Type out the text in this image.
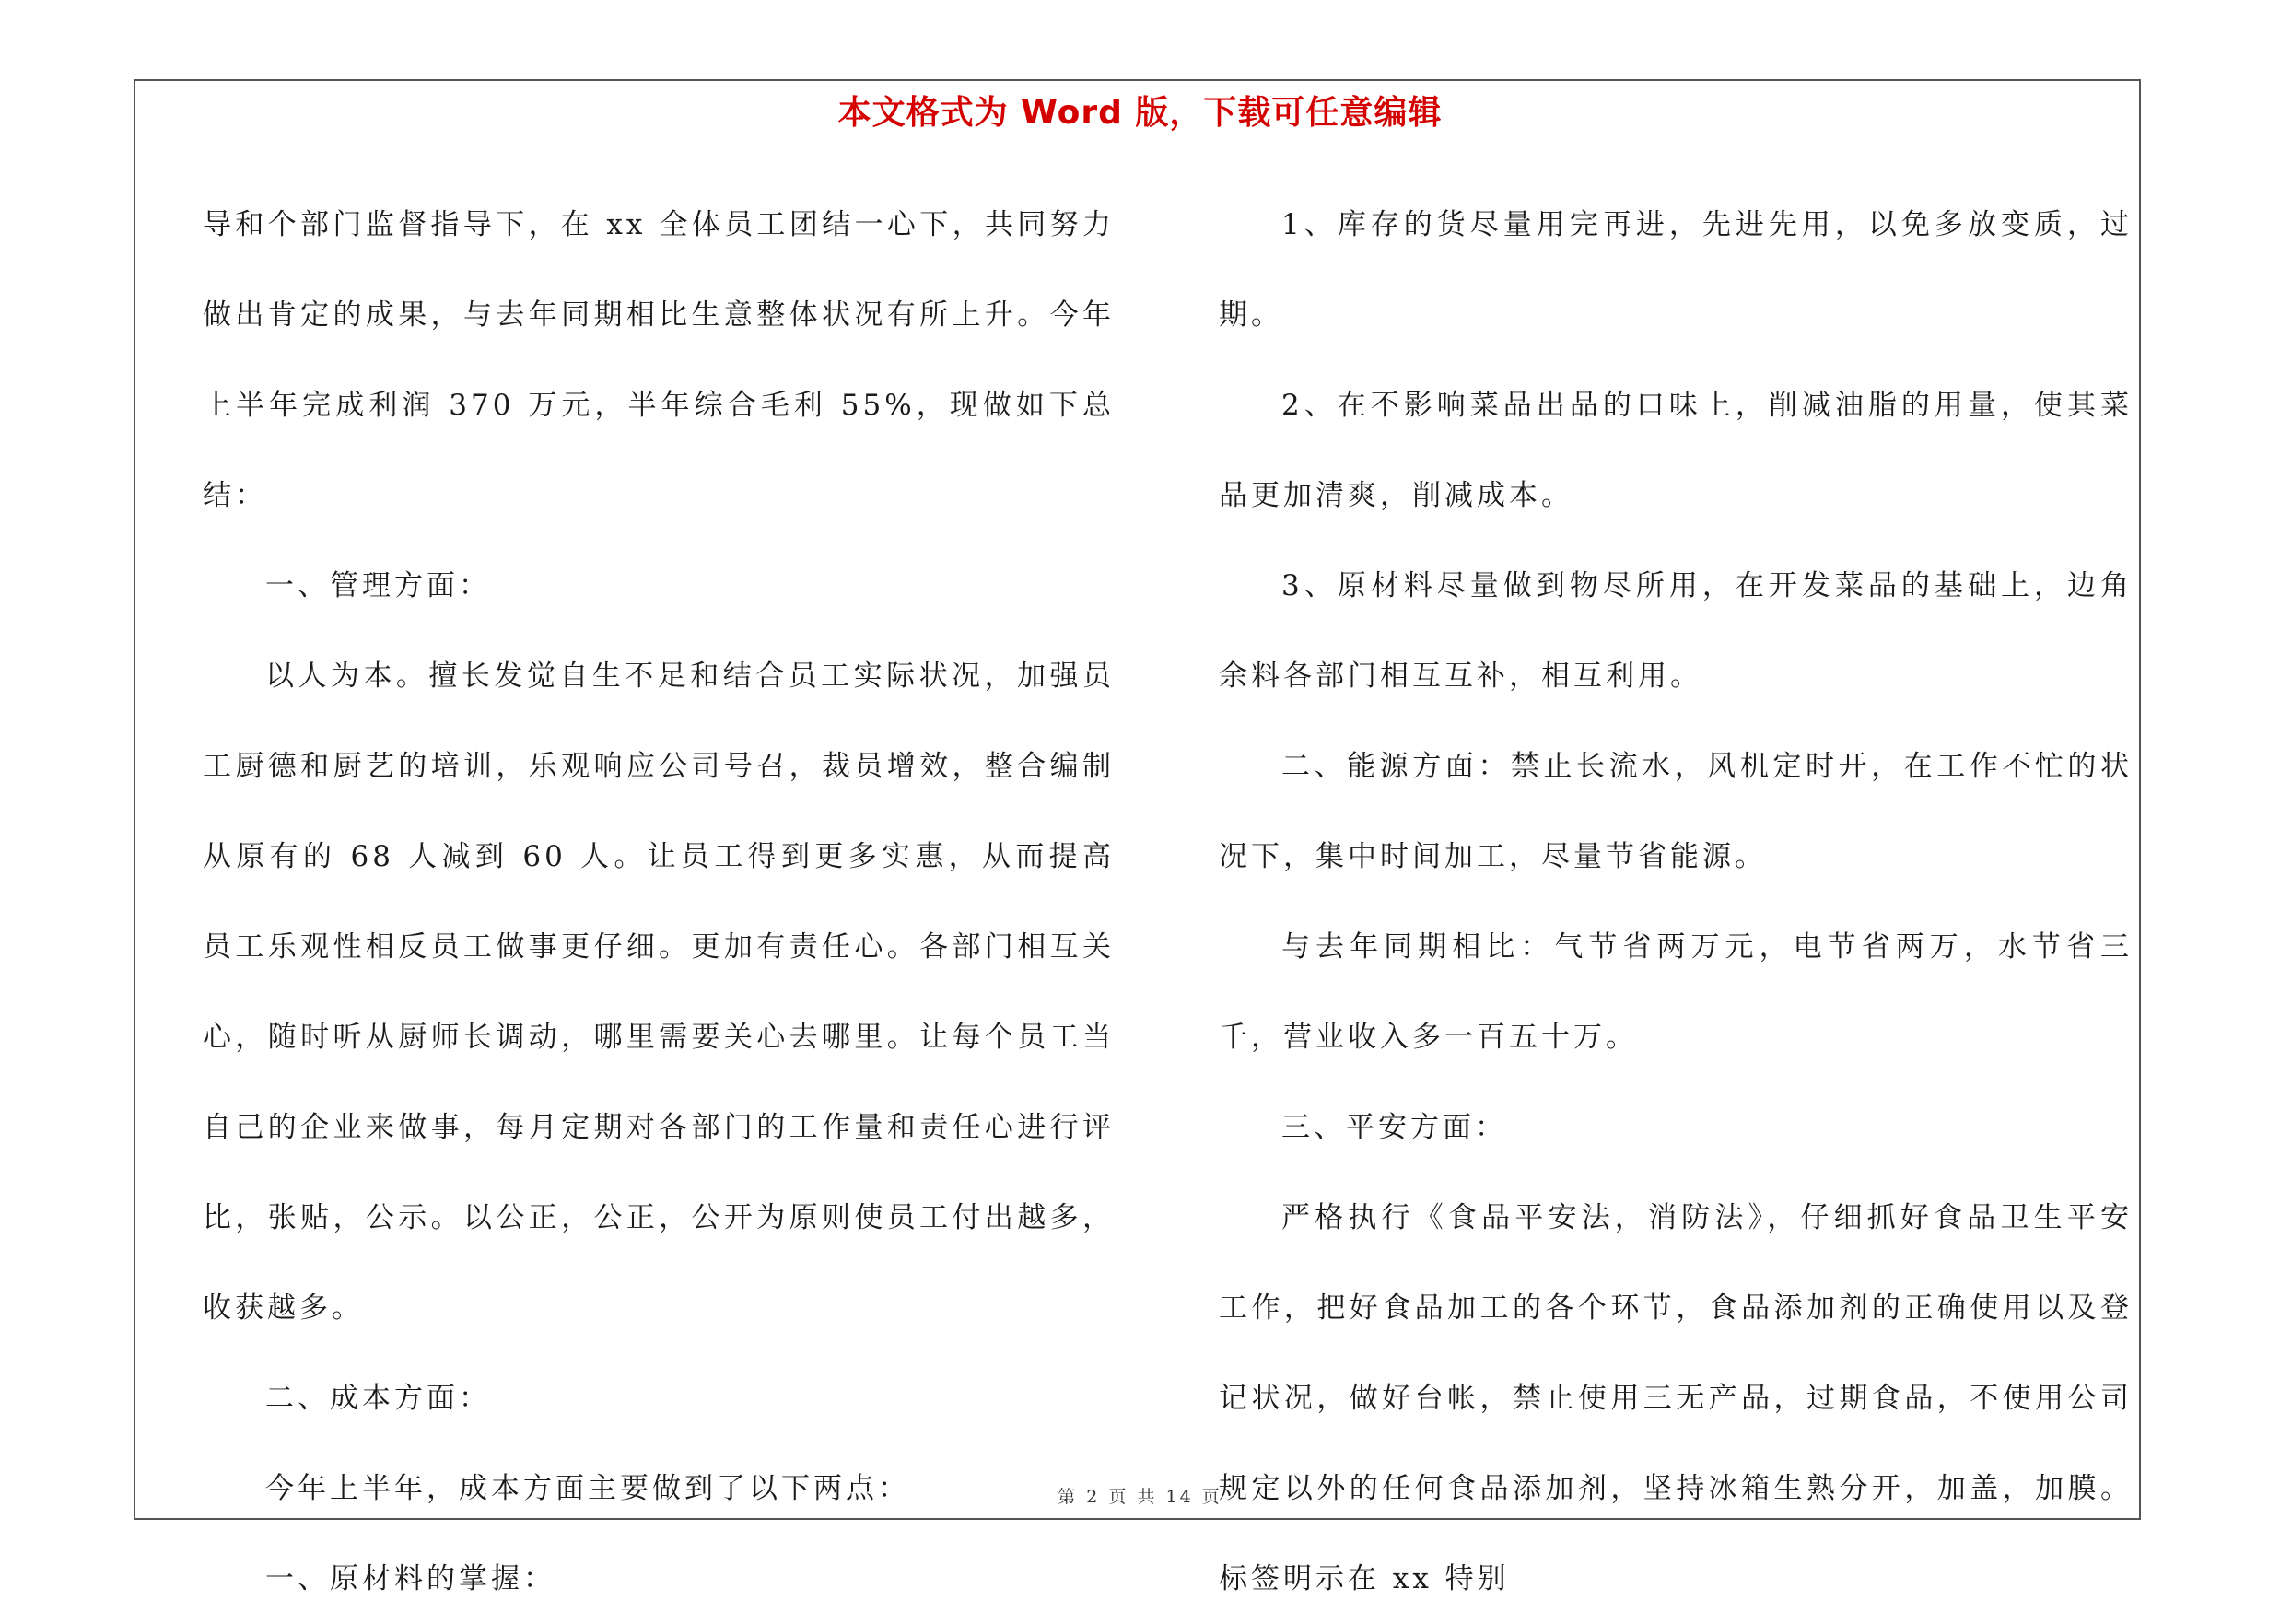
本文格式为 Word 版，下载可任意编辑

导和个部门监督指导下，在 xx 全体员工团结一心下，共同努力做出肯定的成果，与去年同期相比生意整体状况有所上升。今年上半年完成利润 370 万元，半年综合毛利 55%，现做如下总结：

一、管理方面：

以人为本。擅长发觉自生不足和结合员工实际状况，加强员工厨德和厨艺的培训，乐观响应公司号召，裁员增效，整合编制从原有的 68 人减到 60 人。让员工得到更多实惠，从而提高员工乐观性相反员工做事更仔细。更加有责任心。各部门相互关心，随时听从厨师长调动，哪里需要关心去哪里。让每个员工当自己的企业来做事，每月定期对各部门的工作量和责任心进行评比，张贴，公示。以公正，公正，公开为原则使员工付出越多，收获越多。

二、成本方面：

今年上半年，成本方面主要做到了以下两点：

一、原材料的掌握：

1、库存的货尽量用完再进，先进先用，以免多放变质，过期。

2、在不影响菜品出品的口味上，削减油脂的用量，使其菜品更加清爽，削减成本。

3、原材料尽量做到物尽所用，在开发菜品的基础上，边角余料各部门相互互补，相互利用。

二、能源方面：禁止长流水，风机定时开，在工作不忙的状况下，集中时间加工，尽量节省能源。

与去年同期相比：气节省两万元，电节省两万，水节省三千，营业收入多一百五十万。

三、平安方面：

严格执行《食品平安法，消防法》，仔细抓好食品卫生平安工作，把好食品加工的各个环节，食品添加剂的正确使用以及登记状况，做好台帐，禁止使用三无产品，过期食品，不使用公司规定以外的任何食品添加剂，坚持冰箱生熟分开，加盖，加膜。标签明示在 xx 特别

第 2 页 共 14 页
